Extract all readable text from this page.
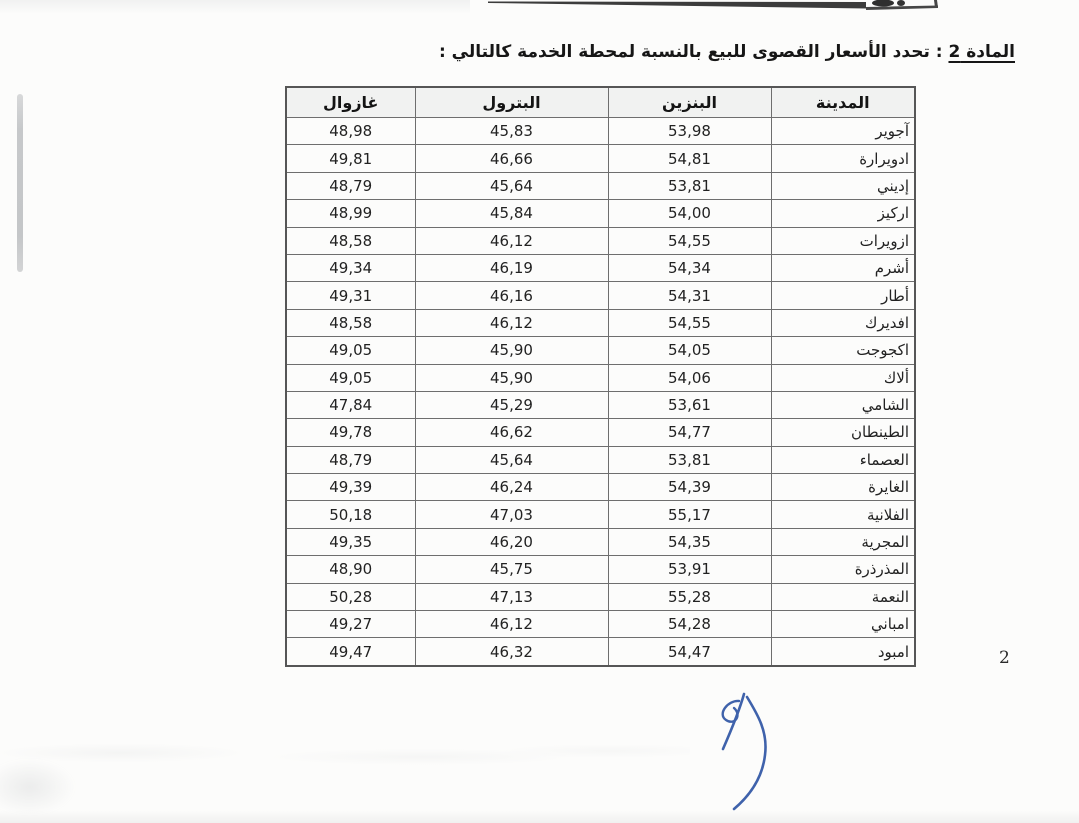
المادة 2 : تحدد الأسعار القصوى للبيع بالنسبة لمحطة الخدمة كالتالي :
المدينة	البنزين	البترول	غازوال
آجوير	53,98	45,83	48,98
ادويرارة	54,81	46,66	49,81
إديني	53,81	45,64	48,79
اركيز	54,00	45,84	48,99
ازويرات	54,55	46,12	48,58
أشرم	54,34	46,19	49,34
أطار	54,31	46,16	49,31
افديرك	54,55	46,12	48,58
اكجوجت	54,05	45,90	49,05
ألاك	54,06	45,90	49,05
الشامي	53,61	45,29	47,84
الطينطان	54,77	46,62	49,78
العصماء	53,81	45,64	48,79
الغايرة	54,39	46,24	49,39
الفلانية	55,17	47,03	50,18
المجرية	54,35	46,20	49,35
المذرذرة	53,91	45,75	48,90
النعمة	55,28	47,13	50,28
امباني	54,28	46,12	49,27
امبود	54,47	46,32	49,47	2
